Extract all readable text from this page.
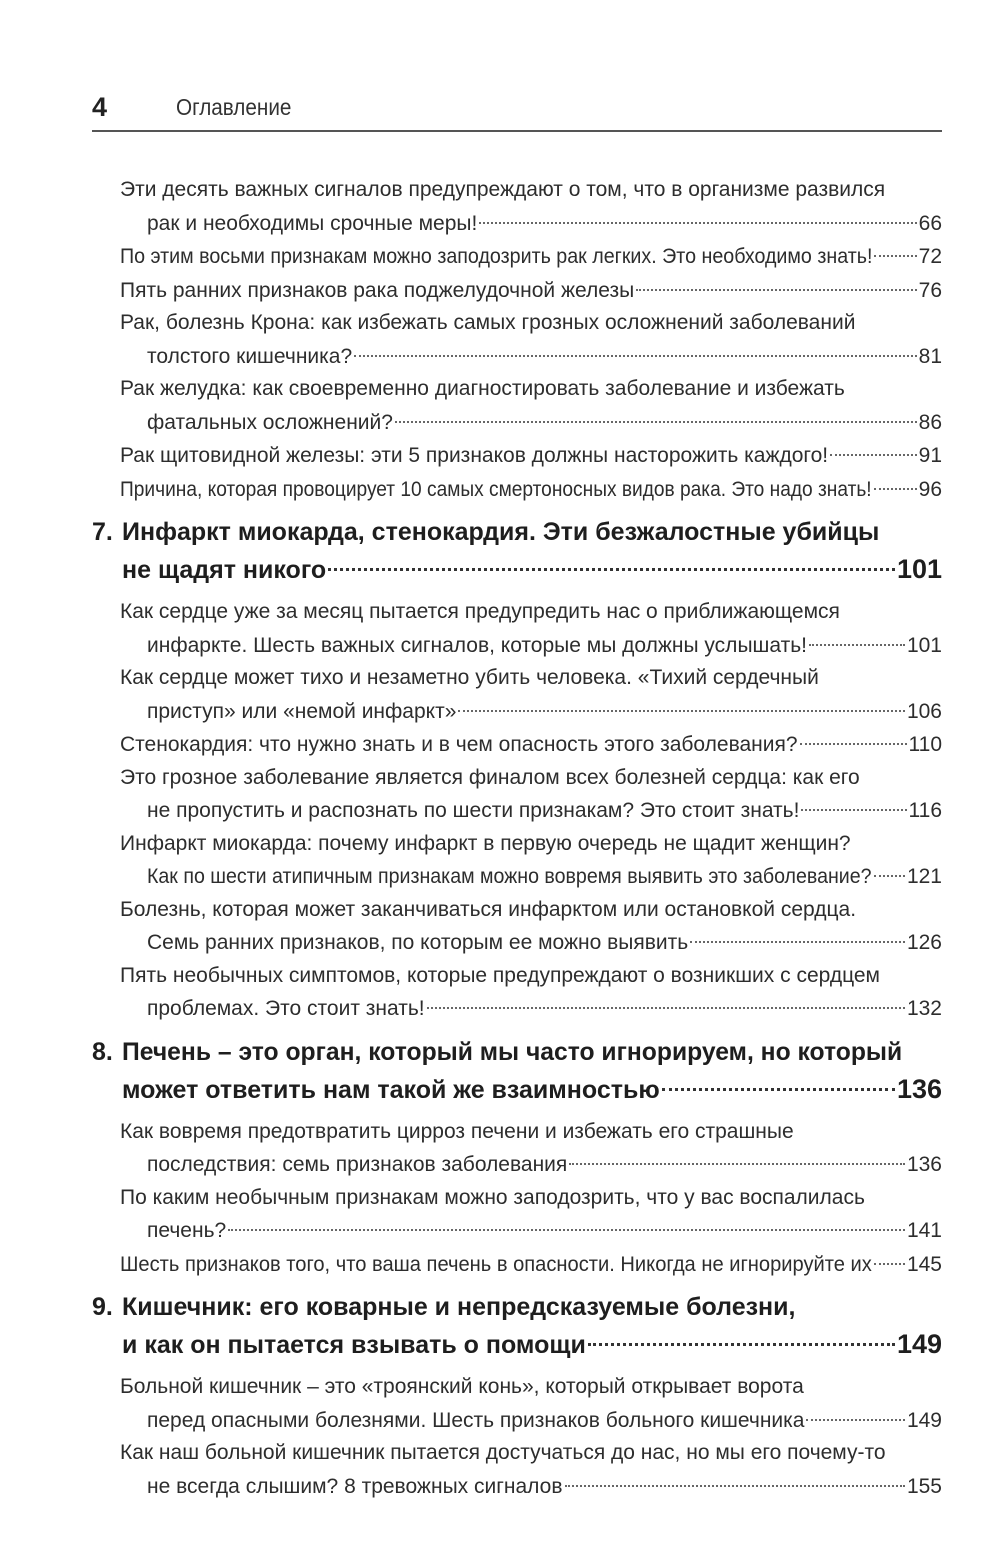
4	Оглавление
Эти десять важных сигналов предупреждают о том, что в организме развился
рак и необходимы срочные меры!	66
По этим восьми признакам можно заподозрить рак легких. Это необходимо знать! 72
Пять ранних признаков рака поджелудочной железы	76
Рак, болезнь Крона: как избежать самых грозных осложнений заболеваний
толстого кишечника?	81
Рак желудка: как своевременно диагностировать заболевание и избежать
фатальных осложнений?	86
Рак щитовидной железы: эти 5 признаков должны насторожить каждого!	91
Причина, которая провоцирует 10 самых смертоносных видов рака. Это надо знать! 96
7. Инфаркт миокарда, стенокардия. Эти безжалостные убийцы
не щадят никого	101
Как сердце уже за месяц пытается предупредить нас о приближающемся
инфаркте. Шесть важных сигналов, которые мы должны услышать!	101
Как сердце может тихо и незаметно убить человека. «Тихий сердечный
приступ» или «немой инфаркт»	106
Стенокардия: что нужно знать и в чем опасность этого заболевания?	110
Это грозное заболевание является финалом всех болезней сердца: как его
не пропустить и распознать по шести признакам? Это стоит знать!	116
Инфаркт миокарда: почему инфаркт в первую очередь не щадит женщин?
Как по шести атипичным признакам можно вовремя выявить это заболевание? 121
Болезнь, которая может заканчиваться инфарктом или остановкой сердца.
Семь ранних признаков, по которым ее можно выявить	126
Пять необычных симптомов, которые предупреждают о возникших с сердцем
проблемах. Это стоит знать!	132
8. Печень – это орган, который мы часто игнорируем, но который
может ответить нам такой же взаимностью	136
Как вовремя предотвратить цирроз печени и избежать его страшные
последствия: семь признаков заболевания	136
По каким необычным признакам можно заподозрить, что у вас воспалилась
печень?	141
Шесть признаков того, что ваша печень в опасности. Никогда не игнорируйте их 145
9. Кишечник: его коварные и непредсказуемые болезни,
и как он пытается взывать о помощи	149
Больной кишечник – это «троянский конь», который открывает ворота
перед опасными болезнями. Шесть признаков больного кишечника	149
Как наш больной кишечник пытается достучаться до нас, но мы его почему-то
не всегда слышим? 8 тревожных сигналов	155
